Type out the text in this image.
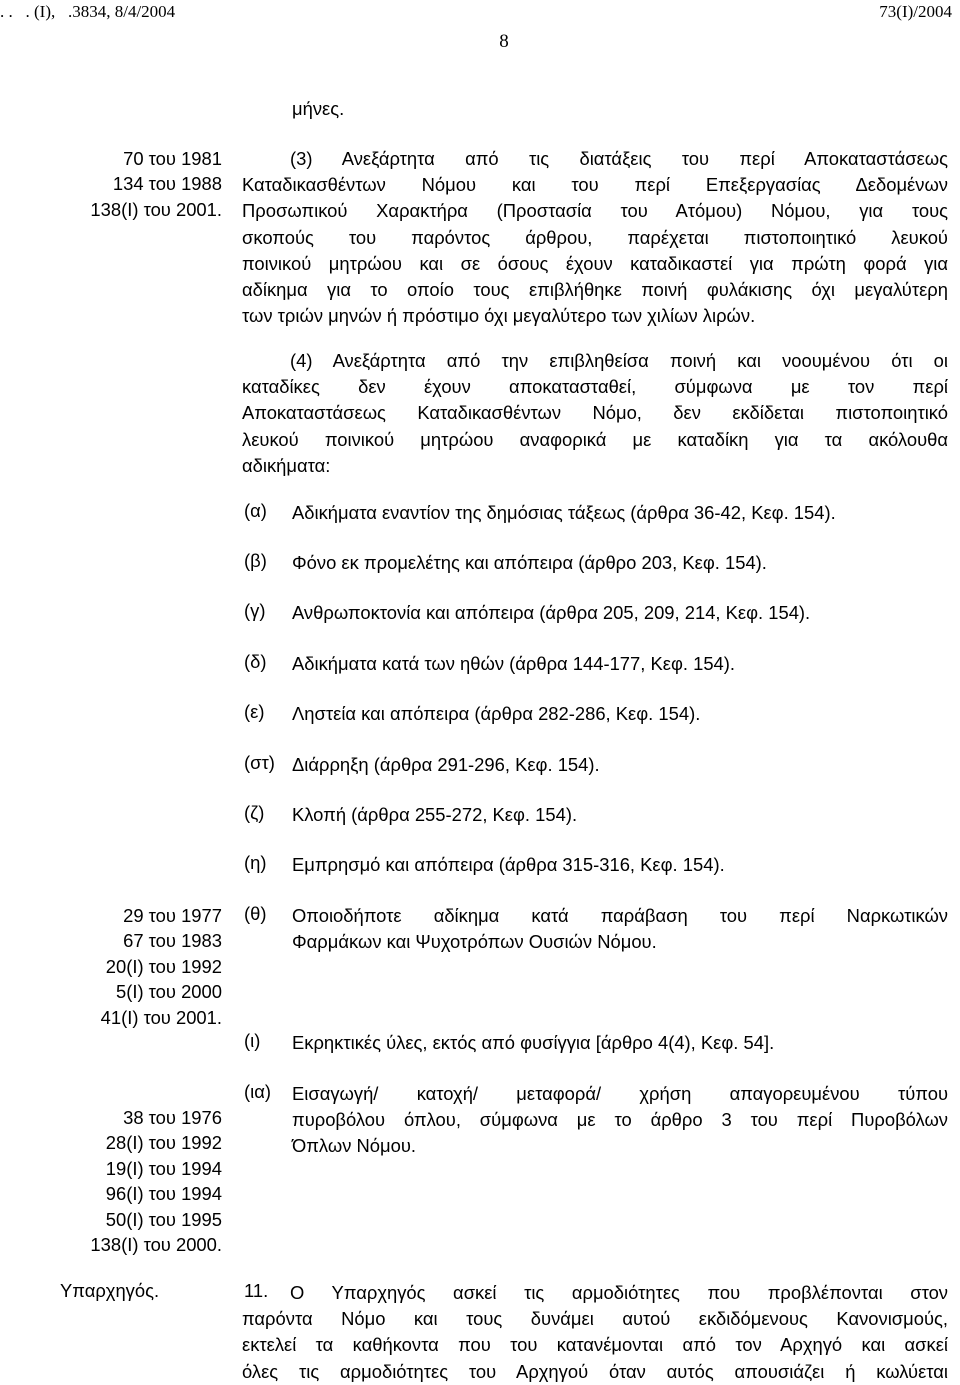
. .   . (Ι),   .3834, 8/4/2004	73(I)/2004
8
μήνες.
70 του 1981
134 του 1988
138(Ι) του 2001.
(3) Ανεξάρτητα από τις διατάξεις του περί Αποκαταστάσεως
Καταδικασθέντων Νόμου και του περί Επεξεργασίας Δεδομένων
Προσωπικού Χαρακτήρα (Προστασία του Ατόμου) Νόμου, για τους
σκοπούς του παρόντος άρθρου, παρέχεται πιστοποιητικό λευκού
ποινικού μητρώου και σε όσους έχουν καταδικαστεί για πρώτη φορά για
αδίκημα για το οποίο τους επιβλήθηκε ποινή φυλάκισης όχι μεγαλύτερη
των τριών μηνών ή πρόστιμο όχι μεγαλύτερο των χιλίων λιρών.
(4) Ανεξάρτητα από την επιβληθείσα ποινή και νοουμένου ότι οι
καταδίκες δεν έχουν αποκατασταθεί, σύμφωνα με τον περί
Αποκαταστάσεως Καταδικασθέντων Νόμο, δεν εκδίδεται πιστοποιητικό
λευκού ποινικού μητρώου αναφορικά με καταδίκη για τα ακόλουθα
αδικήματα:
(α) Αδικήματα εναντίον της δημόσιας τάξεως (άρθρα 36-42, Κεφ. 154).
(β) Φόνο εκ προμελέτης και απόπειρα (άρθρο 203, Κεφ. 154).
(γ) Ανθρωποκτονία και απόπειρα (άρθρα 205, 209, 214, Κεφ. 154).
(δ) Αδικήματα κατά των ηθών (άρθρα 144-177, Κεφ. 154).
(ε) Ληστεία και απόπειρα (άρθρα 282-286, Κεφ. 154).
(στ) Διάρρηξη (άρθρα 291-296, Κεφ. 154).
(ζ) Κλοπή (άρθρα 255-272, Κεφ. 154).
(η) Εμπρησμό και απόπειρα (άρθρα 315-316, Κεφ. 154).
29 του 1977
67 του 1983
20(Ι) του 1992
5(Ι) του 2000
41(Ι) του 2001.
(θ) Οποιοδήποτε αδίκημα κατά παράβαση του περί Ναρκωτικών
Φαρμάκων και Ψυχοτρόπων Ουσιών Νόμου.
(ι) Εκρηκτικές ύλες, εκτός από φυσίγγια [άρθρο 4(4), Κεφ. 54].
(ια) Εισαγωγή/ κατοχή/ μεταφορά/ χρήση απαγορευμένου τύπου
πυροβόλου όπλου, σύμφωνα με το άρθρο 3 του περί Πυροβόλων
Όπλων Νόμου.
38 του 1976
28(Ι) του 1992
19(Ι) του 1994
96(Ι) του 1994
50(Ι) του 1995
138(Ι) του 2000.
Υπαρχηγός.	11.	Ο Υπαρχηγός ασκεί τις αρμοδιότητες που προβλέπονται στον
παρόντα Νόμο και τους δυνάμει αυτού εκδιδόμενους Κανονισμούς,
εκτελεί τα καθήκοντα που του κατανέμονται από τον Αρχηγό και ασκεί
όλες τις αρμοδιότητες του Αρχηγού όταν αυτός απουσιάζει ή κωλύεται
